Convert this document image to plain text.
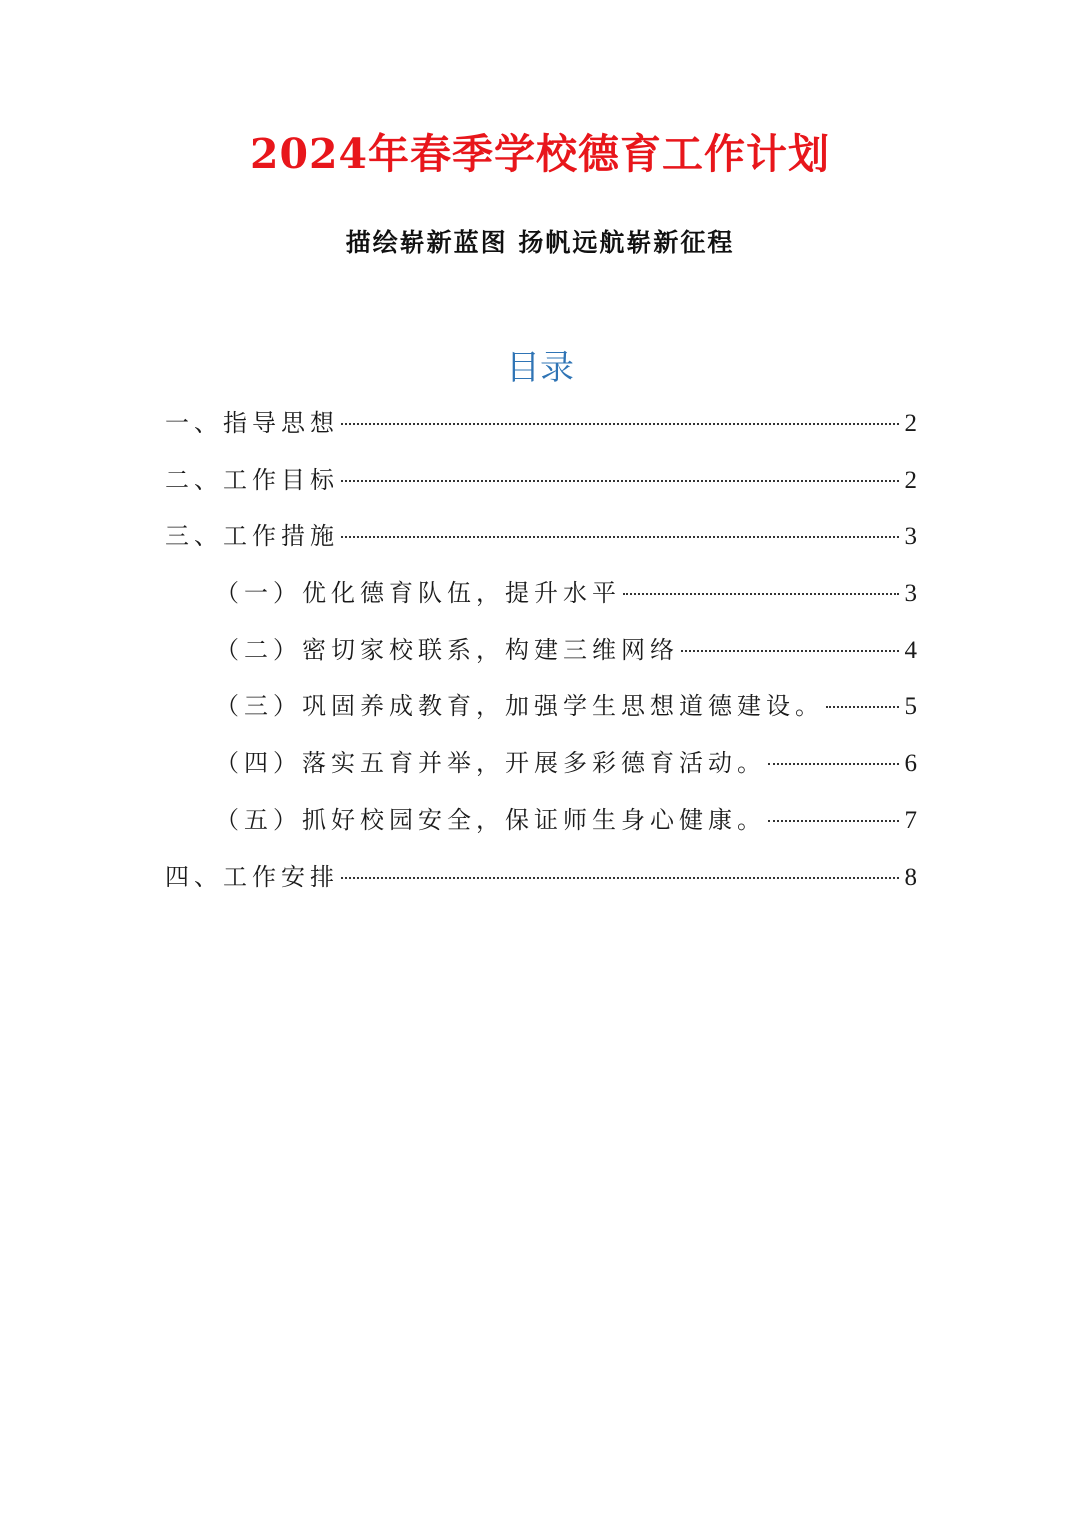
2024年春季学校德育工作计划
描绘崭新蓝图 扬帆远航崭新征程
目录
一、指导思想	2
二、工作目标	2
三、工作措施	3
（一）优化德育队伍，提升水平	3
（二）密切家校联系，构建三维网络	4
（三）巩固养成教育，加强学生思想道德建设。	5
（四）落实五育并举，开展多彩德育活动。	6
（五）抓好校园安全，保证师生身心健康。	7
四、工作安排	8
